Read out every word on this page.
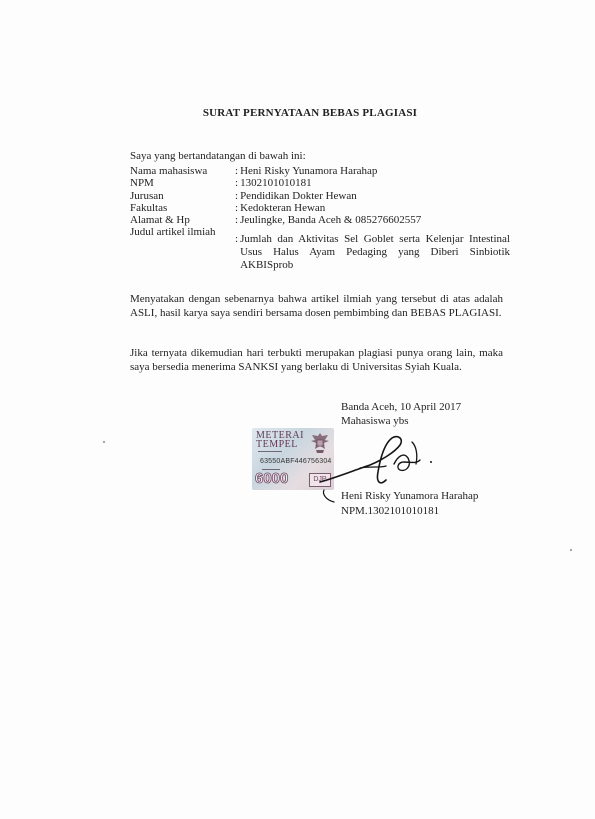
SURAT PERNYATAAN BEBAS PLAGIASI
Saya yang bertandatangan di bawah ini:
Nama mahasiswa	: Heni Risky Yunamora Harahap
NPM	: 1302101010181
Jurusan	: Pendidikan Dokter Hewan
Fakultas	: Kedokteran Hewan
Alamat & Hp	: Jeulingke, Banda Aceh & 085276602557
Judul artikel ilmiah
: Jumlah dan Aktivitas Sel Goblet serta Kelenjar Intestinal Usus Halus Ayam Pedaging yang Diberi Sinbiotik AKBISprob
Menyatakan dengan sebenarnya bahwa artikel ilmiah yang tersebut di atas adalah ASLI, hasil karya saya sendiri bersama dosen pembimbing dan BEBAS PLAGIASI.
Jika ternyata dikemudian hari terbukti merupakan plagiasi punya orang lain, maka saya bersedia menerima SANKSI yang berlaku di Universitas Syiah Kuala.
Banda Aceh, 10 April 2017
Mahasiswa ybs
METERAI
TEMPEL
▬▬▬▬▬▬▬▬
63550ABF446756304
▬▬▬▬▬▬
6000	DJP
Heni Risky Yunamora Harahap
NPM.1302101010181
